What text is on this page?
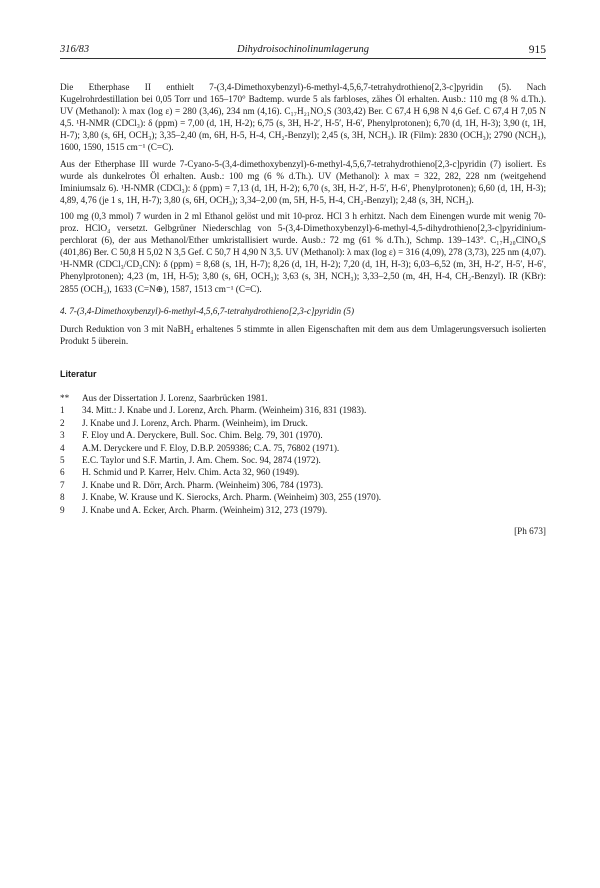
Dihydroisochinolinumlagerung
316/83	915

Die Etherphase II enthielt 7-(3,4-Dimethoxybenzyl)-6-methyl-4,5,6,7-tetrahydrothieno[2,3-c]pyridin (5). Nach Kugelrohrdestillation bei 0,05 Torr und 165–170° Badtemp. wurde 5 als farbloses, zähes Öl erhalten. Ausb.: 110 mg (8 % d.Th.). UV (Methanol): λ max (log ε) = 280 (3,46), 234 nm (4,16). C₁₇H₂₁NO₂S (303,42) Ber. C 67,4 H 6,98 N 4,6 Gef. C 67,4 H 7,05 N 4,5. ¹H-NMR (CDCl₃): δ (ppm) = 7,00 (d, 1H, H-2); 6,75 (s, 3H, H-2′, H-5′, H-6′, Phenylprotonen); 6,70 (d, 1H, H-3); 3,90 (t, 1H, H-7); 3,80 (s, 6H, OCH₃); 3,35–2,40 (m, 6H, H-5, H-4, CH₂-Benzyl); 2,45 (s, 3H, NCH₃). IR (Film): 2830 (OCH₃); 2790 (NCH₃), 1600, 1590, 1515 cm⁻¹ (C=C).

Aus der Etherphase III wurde 7-Cyano-5-(3,4-dimethoxybenzyl)-6-methyl-4,5,6,7-tetrahydrothieno[2,3-c]pyridin (7) isoliert. Es wurde als dunkelrotes Öl erhalten. Ausb.: 100 mg (6 % d.Th.). UV (Methanol): λ max = 322, 282, 228 nm (weitgehend Iminiumsalz 6). ¹H-NMR (CDCl₃): δ (ppm) = 7,13 (d, 1H, H-2); 6,70 (s, 3H, H-2′, H-5′, H-6′, Phenylprotonen); 6,60 (d, 1H, H-3); 4,89, 4,76 (je 1 s, 1H, H-7); 3,80 (s, 6H, OCH₃); 3,34–2,00 (m, 5H, H-5, H-4, CH₂-Benzyl); 2,48 (s, 3H, NCH₃).

100 mg (0,3 mmol) 7 wurden in 2 ml Ethanol gelöst und mit 10-proz. HCl 3 h erhitzt. Nach dem Einengen wurde mit wenig 70-proz. HClO₄ versetzt. Gelbgrüner Niederschlag von 5-(3,4-Dimethoxybenzyl)-6-methyl-4,5-dihydrothieno[2,3-c]pyridinium-perchlorat (6), der aus Methanol/Ether umkristallisiert wurde. Ausb.: 72 mg (61 % d.Th.), Schmp. 139–143°. C₁₇H₂₀ClNO₆S (401,86) Ber. C 50,8 H 5,02 N 3,5 Gef. C 50,7 H 4,90 N 3,5. UV (Methanol): λ max (log ε) = 316 (4,09), 278 (3,73), 225 nm (4,07). ¹H-NMR (CDCl₃/CD₃CN): δ (ppm) = 8,68 (s, 1H, H-7); 8,26 (d, 1H, H-2); 7,20 (d, 1H, H-3); 6,03–6,52 (m, 3H, H-2′, H-5′, H-6′, Phenylprotonen); 4,23 (m, 1H, H-5); 3,80 (s, 6H, OCH₃); 3,63 (s, 3H, NCH₃); 3,33–2,50 (m, 4H, H-4, CH₂-Benzyl). IR (KBr): 2855 (OCH₃), 1633 (C=N⊕), 1587, 1513 cm⁻¹ (C=C).

4. 7-(3,4-Dimethoxybenzyl)-6-methyl-4,5,6,7-tetrahydrothieno[2,3-c]pyridin (5)

Durch Reduktion von 3 mit NaBH₄ erhaltenes 5 stimmte in allen Eigenschaften mit dem aus dem Umlagerungsversuch isolierten Produkt 5 überein.

Literatur

** Aus der Dissertation J. Lorenz, Saarbrücken 1981.
1 34. Mitt.: J. Knabe und J. Lorenz, Arch. Pharm. (Weinheim) 316, 831 (1983).
2 J. Knabe und J. Lorenz, Arch. Pharm. (Weinheim), im Druck.
3 F. Eloy und A. Deryckere, Bull. Soc. Chim. Belg. 79, 301 (1970).
4 A.M. Deryckere und F. Eloy, D.B.P. 2059386; C.A. 75, 76802 (1971).
5 E.C. Taylor und S.F. Martin, J. Am. Chem. Soc. 94, 2874 (1972).
6 H. Schmid und P. Karrer, Helv. Chim. Acta 32, 960 (1949).
7 J. Knabe und R. Dörr, Arch. Pharm. (Weinheim) 306, 784 (1973).
8 J. Knabe, W. Krause und K. Sierocks, Arch. Pharm. (Weinheim) 303, 255 (1970).
9 J. Knabe und A. Ecker, Arch. Pharm. (Weinheim) 312, 273 (1979).

[Ph 673]
